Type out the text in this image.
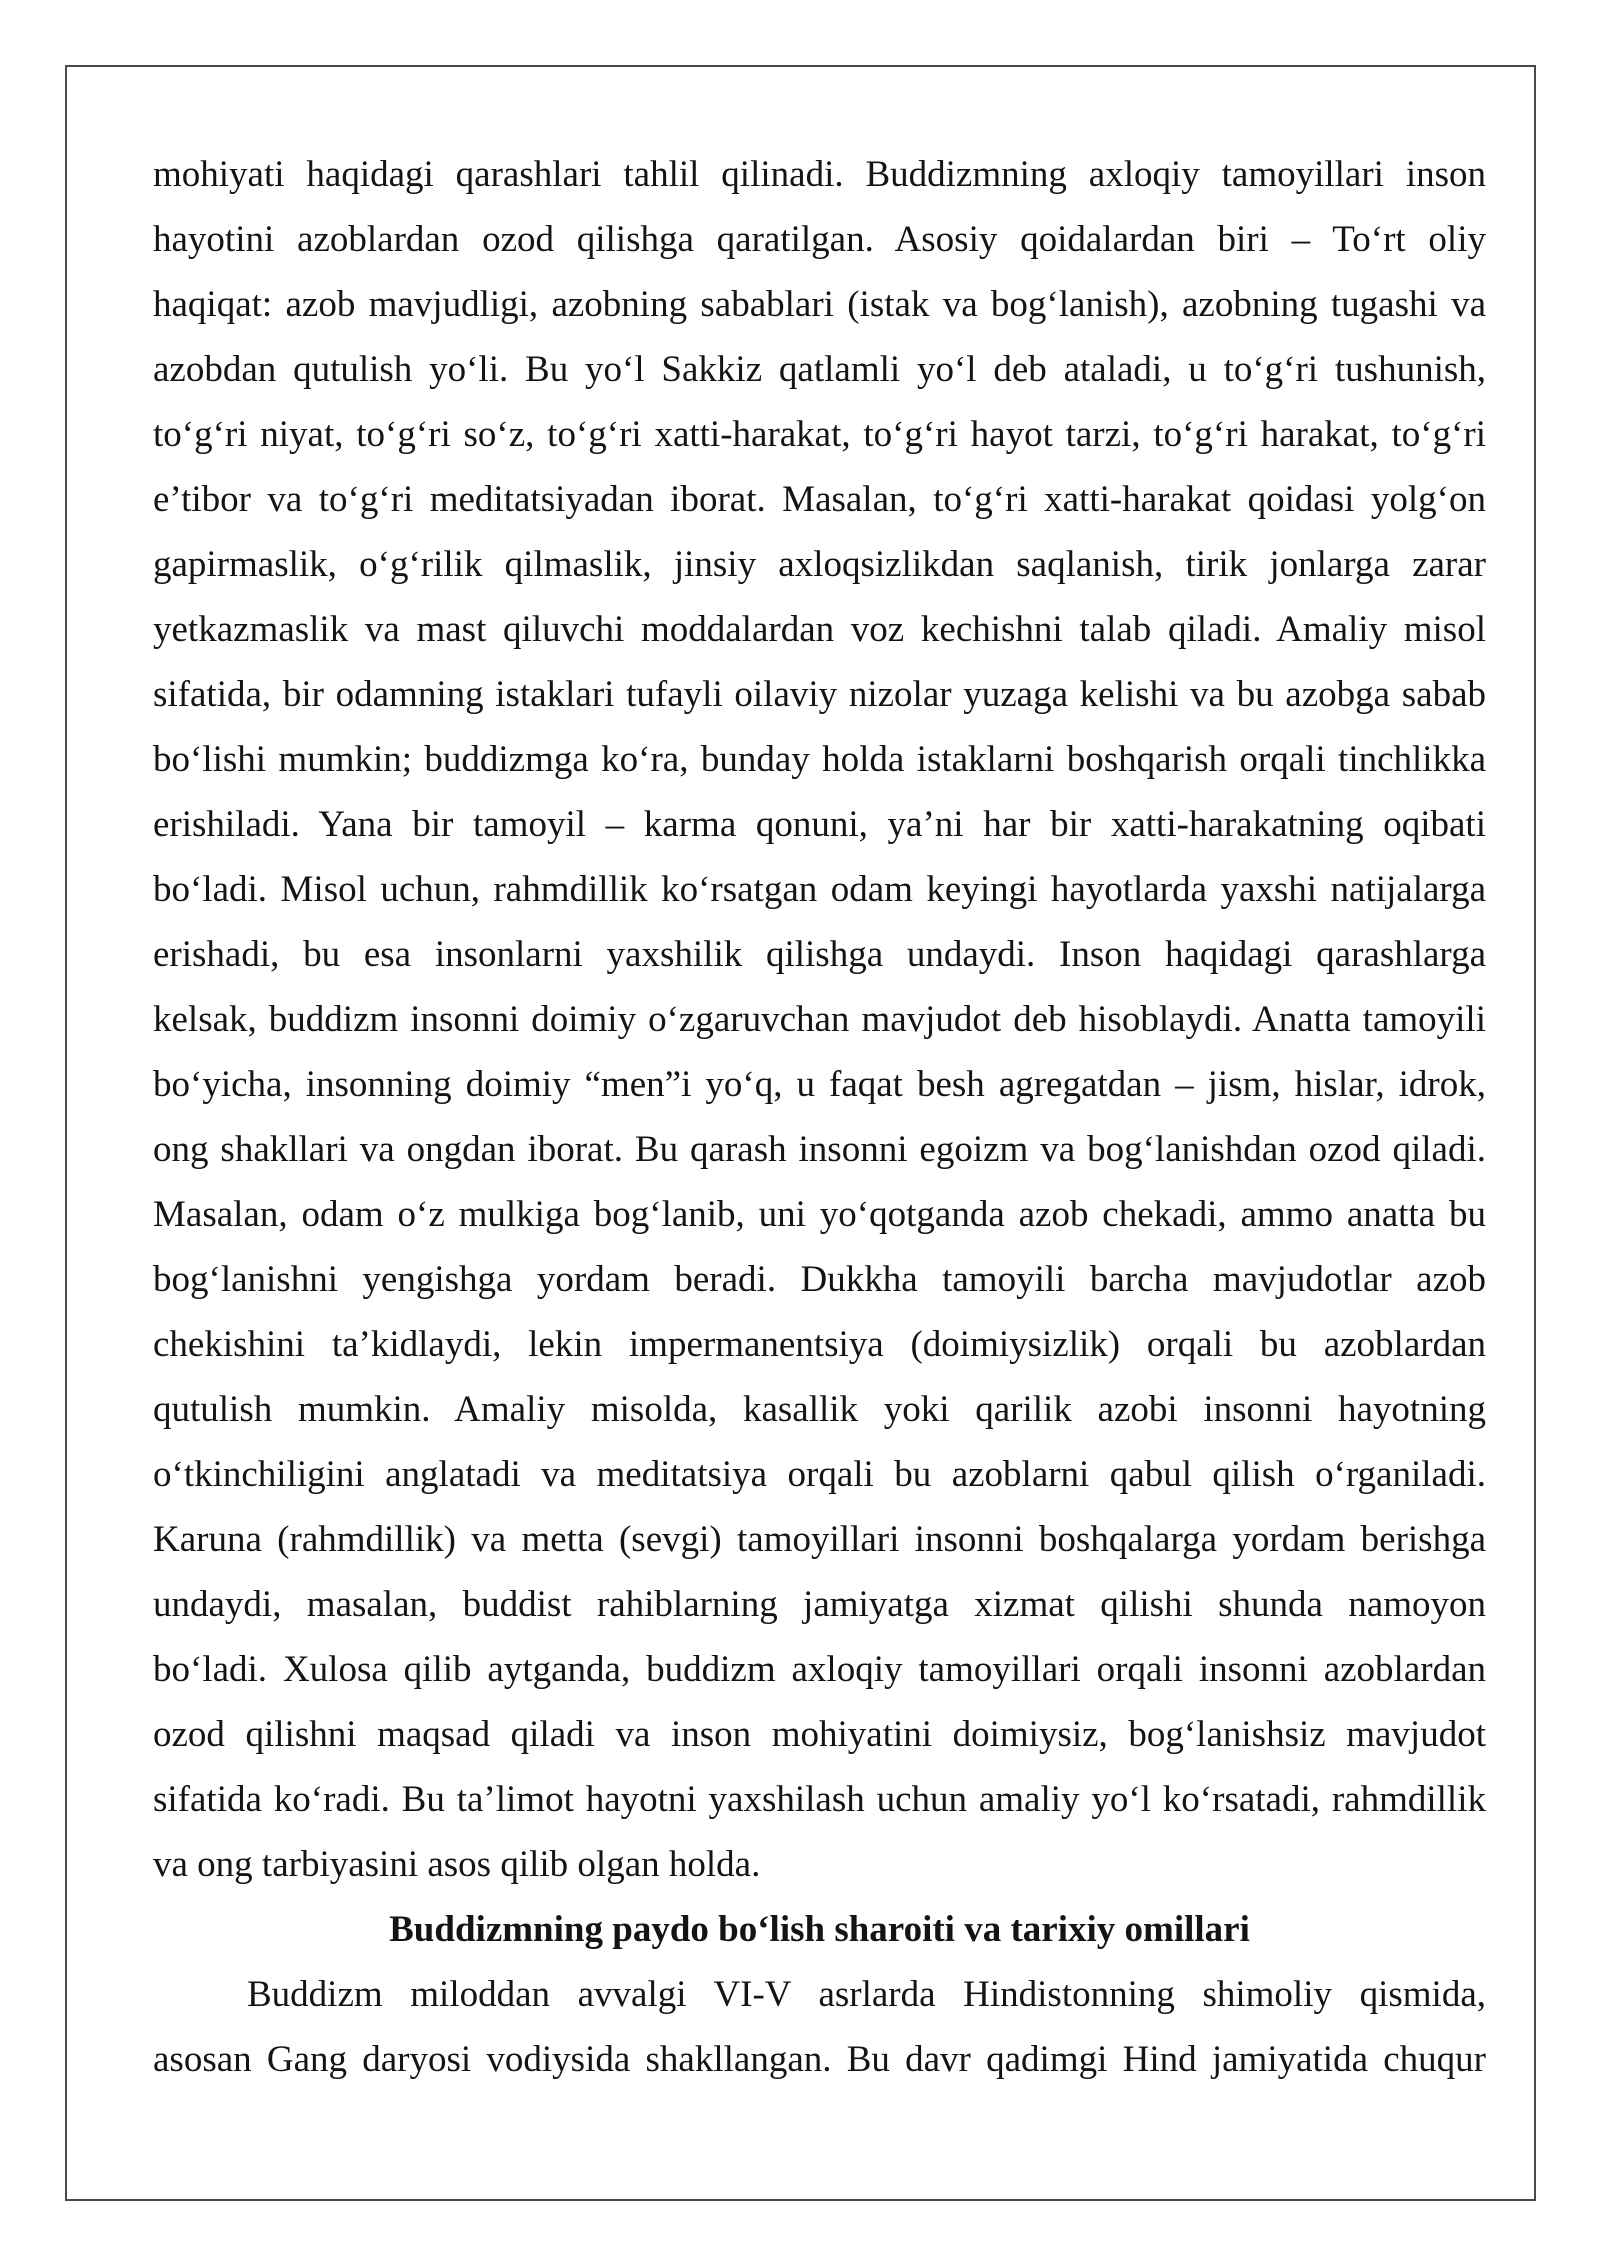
mohiyati haqidagi qarashlari tahlil qilinadi. Buddizmning axloqiy tamoyillari inson
hayotini azoblardan ozod qilishga qaratilgan. Asosiy qoidalardan biri – To‘rt oliy
haqiqat: azob mavjudligi, azobning sabablari (istak va bog‘lanish), azobning tugashi va
azobdan qutulish yo‘li. Bu yo‘l Sakkiz qatlamli yo‘l deb ataladi, u to‘g‘ri tushunish,
to‘g‘ri niyat, to‘g‘ri so‘z, to‘g‘ri xatti-harakat, to‘g‘ri hayot tarzi, to‘g‘ri harakat, to‘g‘ri
e’tibor va to‘g‘ri meditatsiyadan iborat. Masalan, to‘g‘ri xatti-harakat qoidasi yolg‘on
gapirmaslik, o‘g‘rilik qilmaslik, jinsiy axloqsizlikdan saqlanish, tirik jonlarga zarar
yetkazmaslik va mast qiluvchi moddalardan voz kechishni talab qiladi. Amaliy misol
sifatida, bir odamning istaklari tufayli oilaviy nizolar yuzaga kelishi va bu azobga sabab
bo‘lishi mumkin; buddizmga ko‘ra, bunday holda istaklarni boshqarish orqali tinchlikka
erishiladi. Yana bir tamoyil – karma qonuni, ya’ni har bir xatti-harakatning oqibati
bo‘ladi. Misol uchun, rahmdillik ko‘rsatgan odam keyingi hayotlarda yaxshi natijalarga
erishadi, bu esa insonlarni yaxshilik qilishga undaydi. Inson haqidagi qarashlarga
kelsak, buddizm insonni doimiy o‘zgaruvchan mavjudot deb hisoblaydi. Anatta tamoyili
bo‘yicha, insonning doimiy “men”i yo‘q, u faqat besh agregatdan – jism, hislar, idrok,
ong shakllari va ongdan iborat. Bu qarash insonni egoizm va bog‘lanishdan ozod qiladi.
Masalan, odam o‘z mulkiga bog‘lanib, uni yo‘qotganda azob chekadi, ammo anatta bu
bog‘lanishni yengishga yordam beradi. Dukkha tamoyili barcha mavjudotlar azob
chekishini ta’kidlaydi, lekin impermanentsiya (doimiysizlik) orqali bu azoblardan
qutulish mumkin. Amaliy misolda, kasallik yoki qarilik azobi insonni hayotning
o‘tkinchiligini anglatadi va meditatsiya orqali bu azoblarni qabul qilish o‘rganiladi.
Karuna (rahmdillik) va metta (sevgi) tamoyillari insonni boshqalarga yordam berishga
undaydi, masalan, buddist rahiblarning jamiyatga xizmat qilishi shunda namoyon
bo‘ladi. Xulosa qilib aytganda, buddizm axloqiy tamoyillari orqali insonni azoblardan
ozod qilishni maqsad qiladi va inson mohiyatini doimiysiz, bog‘lanishsiz mavjudot
sifatida ko‘radi. Bu ta’limot hayotni yaxshilash uchun amaliy yo‘l ko‘rsatadi, rahmdillik
va ong tarbiyasini asos qilib olgan holda.
Buddizmning paydo bo‘lish sharoiti va tarixiy omillari
Buddizm miloddan avvalgi VI-V asrlarda Hindistonning shimoliy qismida,
asosan Gang daryosi vodiysida shakllangan. Bu davr qadimgi Hind jamiyatida chuqur
